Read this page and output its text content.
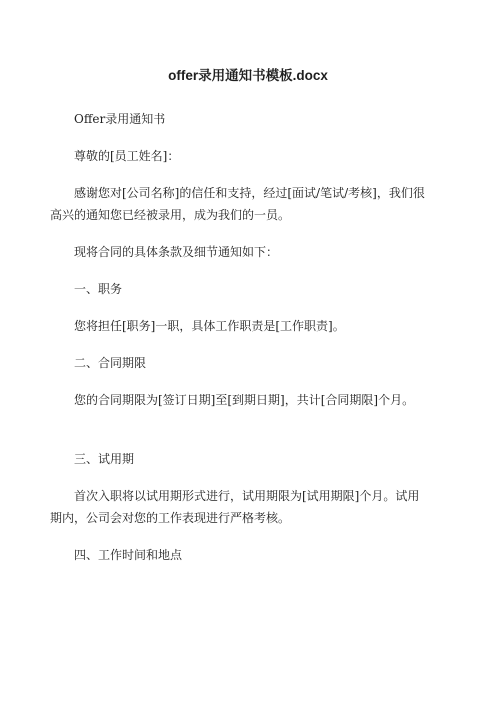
offer录用通知书模板.docx

Offer录用通知书

尊敬的[员工姓名]：

感谢您对[公司名称]的信任和支持，经过[面试/笔试/考核]，我们很高兴的通知您已经被录用，成为我们的一员。

现将合同的具体条款及细节通知如下：

一、职务

您将担任[职务]一职，具体工作职责是[工作职责]。

二、合同期限

您的合同期限为[签订日期]至[到期日期]，共计[合同期限]个月。

三、试用期

首次入职将以试用期形式进行，试用期限为[试用期限]个月。试用期内，公司会对您的工作表现进行严格考核。

四、工作时间和地点
